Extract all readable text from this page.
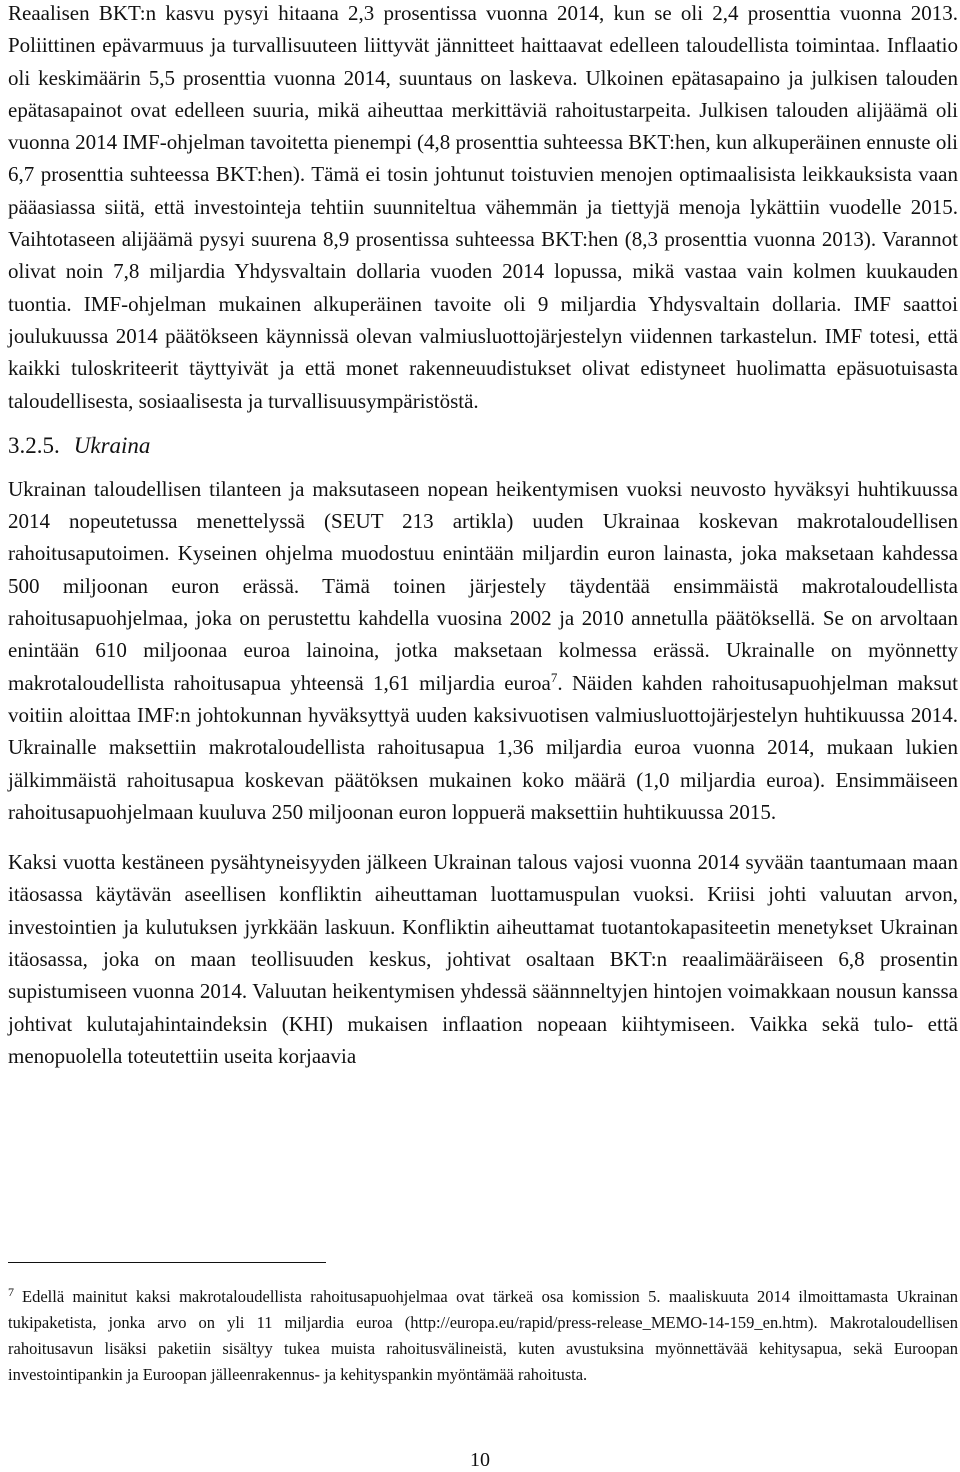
Reaalisen BKT:n kasvu pysyi hitaana 2,3 prosentissa vuonna 2014, kun se oli 2,4 prosenttia vuonna 2013. Poliittinen epävarmuus ja turvallisuuteen liittyvät jännitteet haittaavat edelleen taloudellista toimintaa. Inflaatio oli keskimäärin 5,5 prosenttia vuonna 2014, suuntaus on laskeva. Ulkoinen epätasapaino ja julkisen talouden epätasapainot ovat edelleen suuria, mikä aiheuttaa merkittäviä rahoitustarpeita. Julkisen talouden alijäämä oli vuonna 2014 IMF-ohjelman tavoitetta pienempi (4,8 prosenttia suhteessa BKT:hen, kun alkuperäinen ennuste oli 6,7 prosenttia suhteessa BKT:hen). Tämä ei tosin johtunut toistuvien menojen optimaalisista leikkauksista vaan pääasiassa siitä, että investointeja tehtiin suunniteltua vähemmän ja tiettyjä menoja lykättiin vuodelle 2015. Vaihtotaseen alijäämä pysyi suurena 8,9 prosentissa suhteessa BKT:hen (8,3 prosenttia vuonna 2013). Varannot olivat noin 7,8 miljardia Yhdysvaltain dollaria vuoden 2014 lopussa, mikä vastaa vain kolmen kuukauden tuontia. IMF-ohjelman mukainen alkuperäinen tavoite oli 9 miljardia Yhdysvaltain dollaria. IMF saattoi joulukuussa 2014 päätökseen käynnissä olevan valmiusluottojärjestelyn viidennen tarkastelun. IMF totesi, että kaikki tuloskriteerit täyttyivät ja että monet rakenneuudistukset olivat edistyneet huolimatta epäsuotuisasta taloudellisesta, sosiaalisesta ja turvallisuusympäristöstä.

3.2.5. Ukraina

Ukrainan taloudellisen tilanteen ja maksutaseen nopean heikentymisen vuoksi neuvosto hyväksyi huhtikuussa 2014 nopeutetussa menettelyssä (SEUT 213 artikla) uuden Ukrainaa koskevan makrotaloudellisen rahoitusaputoimen. Kyseinen ohjelma muodostuu enintään miljardin euron lainasta, joka maksetaan kahdessa 500 miljoonan euron erässä. Tämä toinen järjestely täydentää ensimmäistä makrotaloudellista rahoitusapuohjelmaa, joka on perustettu kahdella vuosina 2002 ja 2010 annetulla päätöksellä. Se on arvoltaan enintään 610 miljoonaa euroa lainoina, jotka maksetaan kolmessa erässä. Ukrainalle on myönnetty makrotaloudellista rahoitusapua yhteensä 1,61 miljardia euroa$^7$. Näiden kahden rahoitusapuohjelman maksut voitiin aloittaa IMF:n johtokunnan hyväksyttyä uuden kaksivuotisen valmiusluottojärjestelyn huhtikuussa 2014. Ukrainalle maksettiin makrotaloudellista rahoitusapua 1,36 miljardia euroa vuonna 2014, mukaan lukien jälkimmäistä rahoitusapua koskevan päätöksen mukainen koko määrä (1,0 miljardia euroa). Ensimmäiseen rahoitusapuohjelmaan kuuluva 250 miljoonan euron loppuerä maksettiin huhtikuussa 2015.

Kaksi vuotta kestäneen pysähtyneisyyden jälkeen Ukrainan talous vajosi vuonna 2014 syvään taantumaan maan itäosassa käytävän aseellisen konfliktin aiheuttaman luottamuspulan vuoksi. Kriisi johti valuutan arvon, investointien ja kulutuksen jyrkkään laskuun. Konfliktin aiheuttamat tuotantokapasiteetin menetykset Ukrainan itäosassa, joka on maan teollisuuden keskus, johtivat osaltaan BKT:n reaalimääräiseen 6,8 prosentin supistumiseen vuonna 2014. Valuutan heikentymisen yhdessä säännneltyjen hintojen voimakkaan nousun kanssa johtivat kulutajahintaindeksin (KHI) mukaisen inflaation nopeaan kiihtymiseen. Vaikka sekä tulo- että menopuolella toteutettiin useita korjaavia

$^7$ Edellä mainitut kaksi makrotaloudellista rahoitusapuohjelmaa ovat tärkeä osa komission 5. maaliskuuta 2014 ilmoittamasta Ukrainan tukipaketista, jonka arvo on yli 11 miljardia euroa (http://europa.eu/rapid/press-release_MEMO-14-159_en.htm). Makrotaloudellisen rahoitusavun lisäksi paketiin sisältyy tukea muista rahoitusvälineistä, kuten avustuksina myönnettävää kehitysapua, sekä Euroopan investointipankin ja Euroopan jälleenrakennus- ja kehityspankin myöntämää rahoitusta.

10
